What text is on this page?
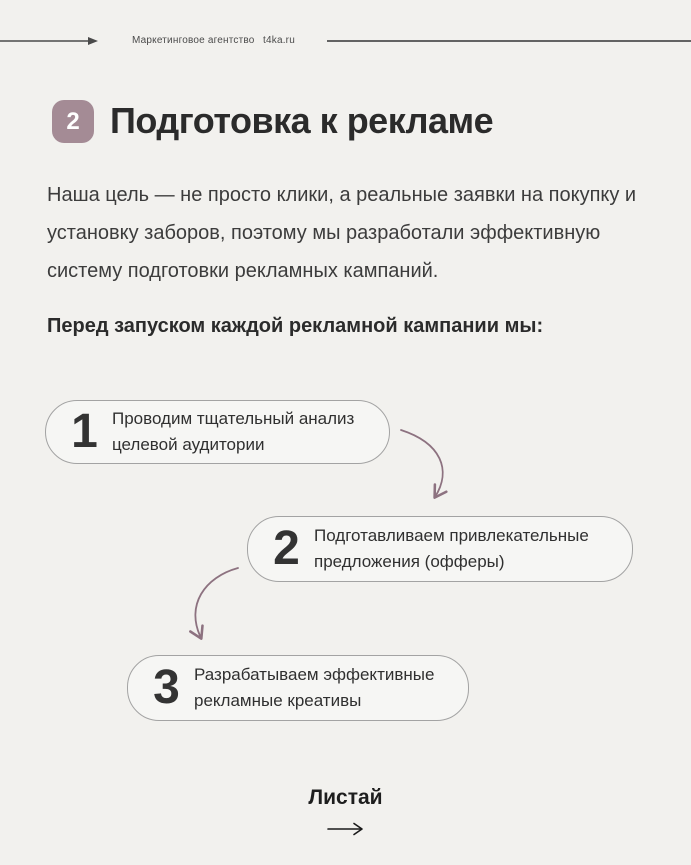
Маркетинговое агентство t4ka.ru
2 Подготовка к рекламе

Наша цель — не просто клики, а реальные заявки на покупку и установку заборов, поэтому мы разработали эффективную систему подготовки рекламных кампаний.

Перед запуском каждой рекламной кампании мы:
1 Проводим тщательный анализ целевой аудитории
2 Подготавливаем привлекательные предложения (офферы)
3 Разрабатываем эффективные рекламные креативы
Листай
